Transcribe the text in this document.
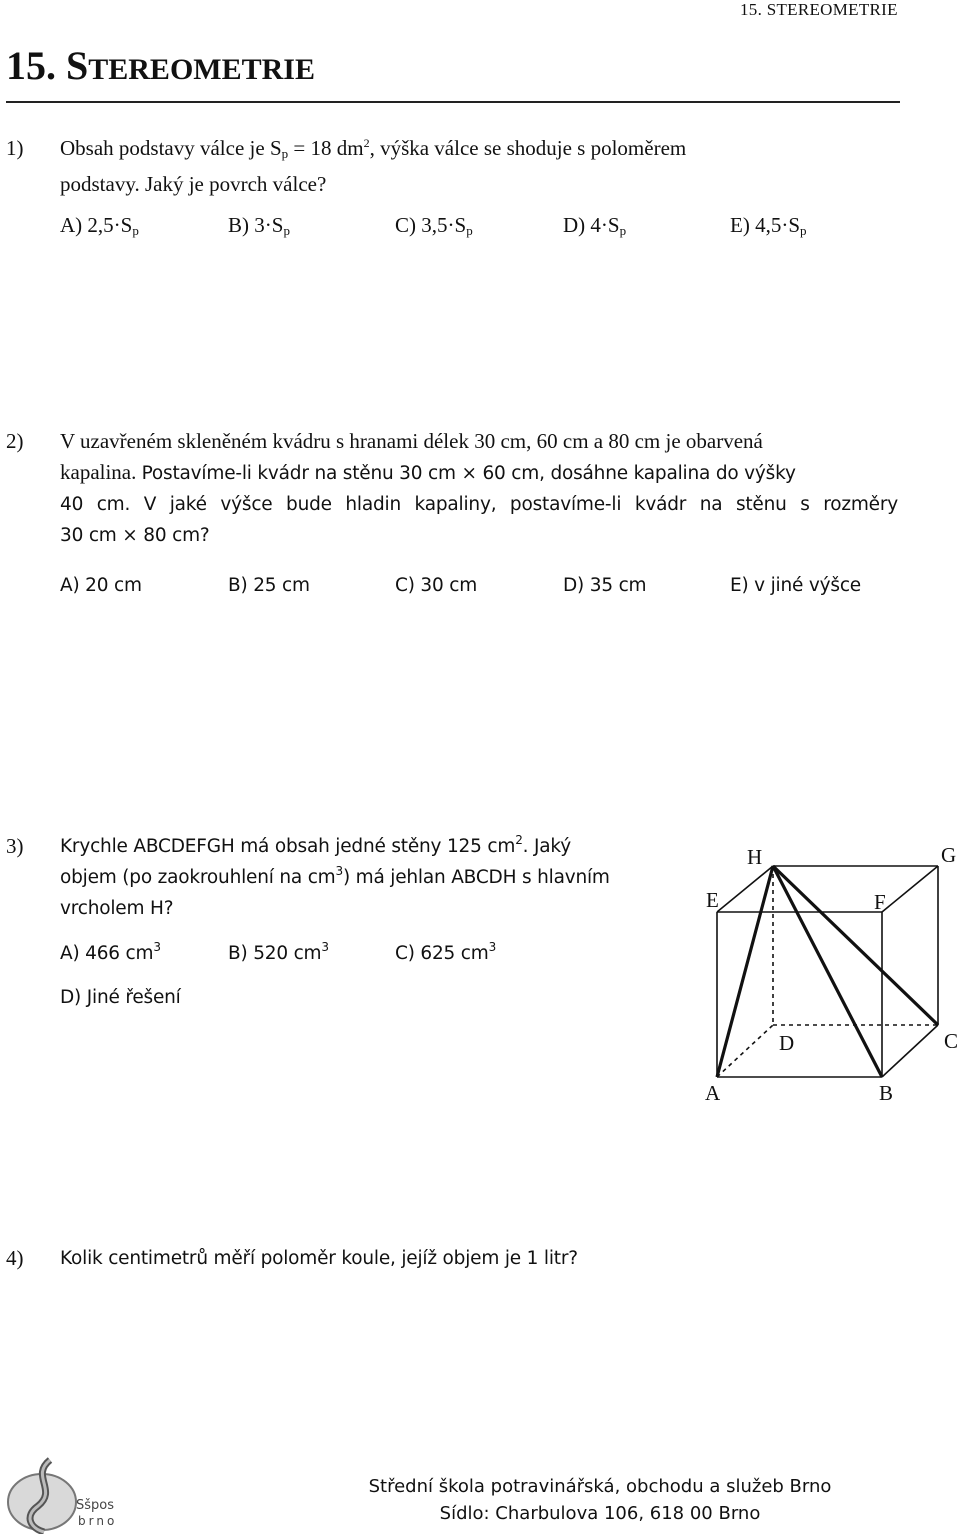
15. STEREOMETRIE
15. STEREOMETRIE
1) Obsah podstavy válce je $S_p = 18$ $dm^2$, výška válce se shoduje s poloměrem
podstavy. Jaký je povrch válce?
A) $2,5\cdot S_p$	B) $3\cdot S_p$	C) $3,5\cdot S_p$	D) $4\cdot S_p$	E) $4,5\cdot S_p$
2) V uzavřeném skleněném kvádru s hranami délek 30 cm, 60 cm a 80 cm je obarvená
kapalina. Postavíme-li kvádr na stěnu 30 cm × 60 cm, dosáhne kapalina do výšky
40 cm. V jaké výšce bude hladin kapaliny, postavíme-li kvádr na stěnu s rozměry
30 cm × 80 cm?
A) 20 cm	B) 25 cm	C) 30 cm	D) 35 cm	E) v jiné výšce
3) Krychle ABCDEFGH má obsah jedné stěny 125 $cm^2$. Jaký
objem (po zaokrouhlení na $cm^3$) má jehlan ABCDH s hlavním
vrcholem H?
A) 466 $cm^3$	B) 520 $cm^3$	C) 625 $cm^3$
D) Jiné řešení
A	B
C
D
E	F
G
H
4) Kolik centimetrů měří poloměr koule, jejíž objem je 1 litr?
Sšpos
brno
Střední škola potravinářská, obchodu a služeb Brno
Sídlo: Charbulova 106, 618 00 Brno
